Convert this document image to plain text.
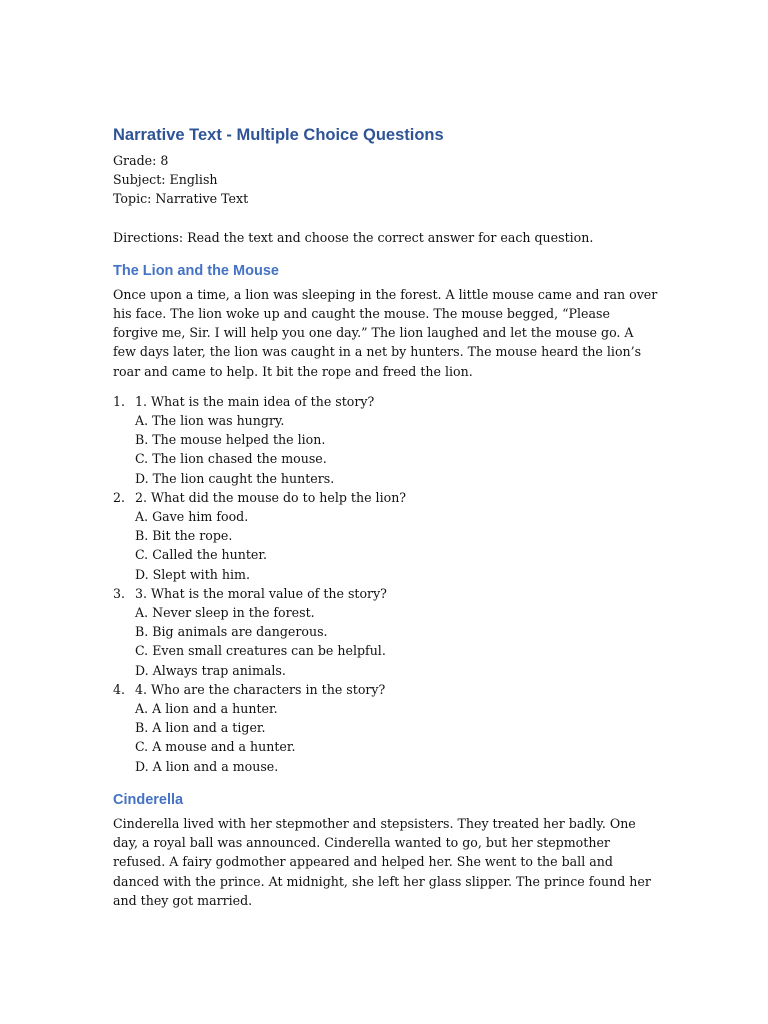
Narrative Text - Multiple Choice Questions

Grade: 8

Subject: English

Topic: Narrative Text

Directions: Read the text and choose the correct answer for each question.

The Lion and the Mouse

Once upon a time, a lion was sleeping in the forest. A little mouse came and ran over his face. The lion woke up and caught the mouse. The mouse begged, “Please forgive me, Sir. I will help you one day.” The lion laughed and let the mouse go. A few days later, the lion was caught in a net by hunters. The mouse heard the lion’s roar and came to help. It bit the rope and freed the lion.

1. 1. What is the main idea of the story?
A. The lion was hungry.
B. The mouse helped the lion.
C. The lion chased the mouse.
D. The lion caught the hunters.
2. 2. What did the mouse do to help the lion?
A. Gave him food.
B. Bit the rope.
C. Called the hunter.
D. Slept with him.
3. 3. What is the moral value of the story?
A. Never sleep in the forest.
B. Big animals are dangerous.
C. Even small creatures can be helpful.
D. Always trap animals.
4. 4. Who are the characters in the story?
A. A lion and a hunter.
B. A lion and a tiger.
C. A mouse and a hunter.
D. A lion and a mouse.
Cinderella

Cinderella lived with her stepmother and stepsisters. They treated her badly. One day, a royal ball was announced. Cinderella wanted to go, but her stepmother refused. A fairy godmother appeared and helped her. She went to the ball and danced with the prince. At midnight, she left her glass slipper. The prince found her and they got married.
